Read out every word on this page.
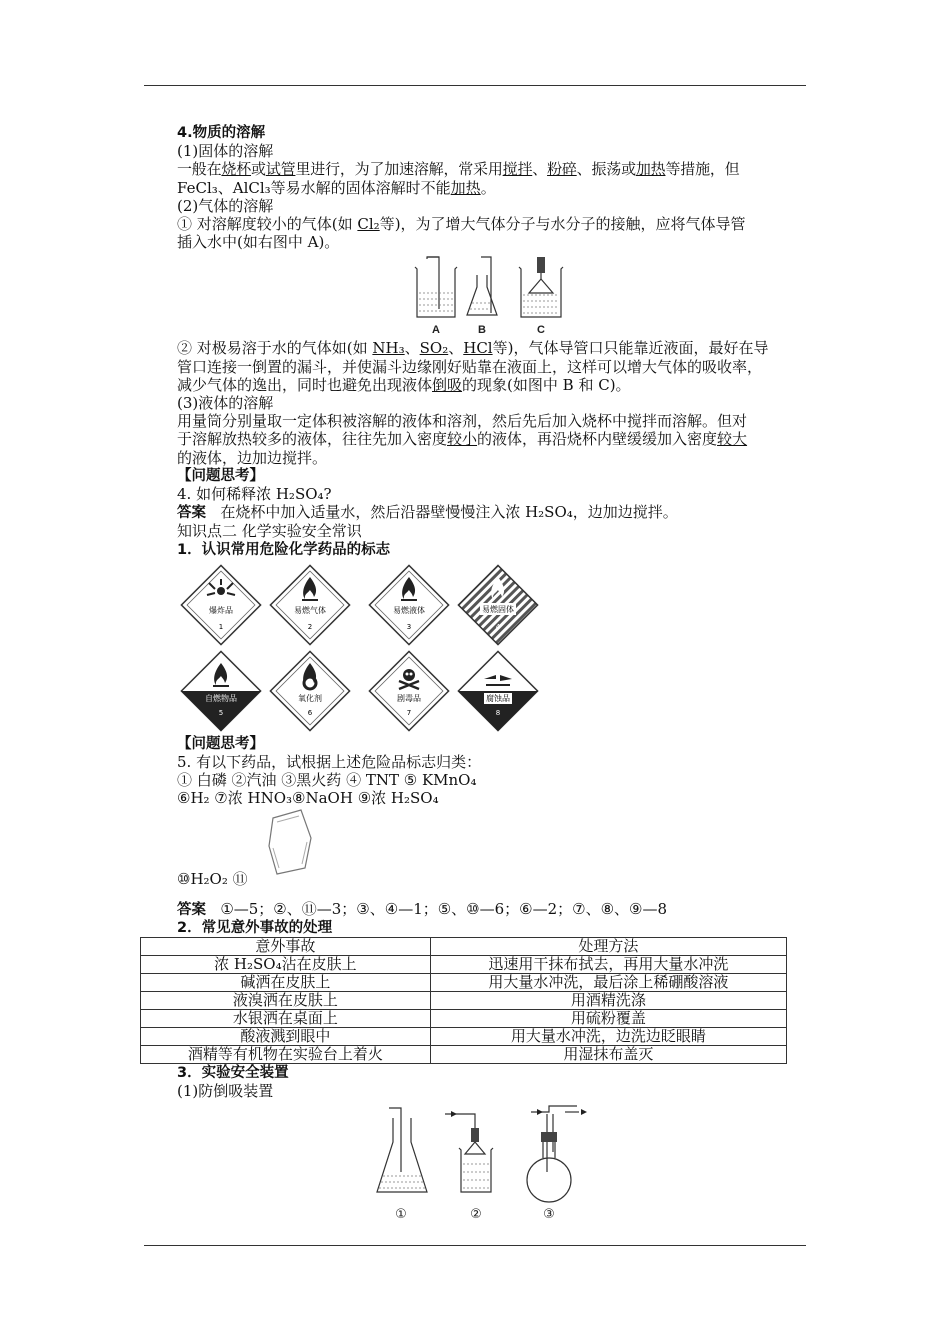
4.物质的溶解
(1)固体的溶解
一般在烧杯或试管里进行，为了加速溶解，常采用搅拌、粉碎、振荡或加热等措施，但
FeCl₃、AlCl₃等易水解的固体溶解时不能加热。
(2)气体的溶解
① 对溶解度较小的气体(如 Cl₂等)，为了增大气体分子与水分子的接触，应将气体导管
插入水中(如右图中 A)。
A	B	C
② 对极易溶于水的气体如(如 NH₃、SO₂、HCl等)，气体导管口只能靠近液面，最好在导
管口连接一倒置的漏斗，并使漏斗边缘刚好贴靠在液面上，这样可以增大气体的吸收率，
减少气体的逸出，同时也避免出现液体倒吸的现象(如图中 B 和 C)。
(3)液体的溶解
用量筒分别量取一定体积被溶解的液体和溶剂，然后先后加入烧杯中搅拌而溶解。但对
于溶解放热较多的液体，往往先加入密度较小的液体，再沿烧杯内壁缓缓加入密度较大
的液体，边加边搅拌。
【问题思考】
4. 如何稀释浓 H₂SO₄?
答案 在烧杯中加入适量水，然后沿器壁慢慢注入浓 H₂SO₄，边加边搅拌。
知识点二 化学实验安全常识
1．认识常用危险化学药品的标志
爆炸品
1
易燃气体
2
易燃液体
3
易燃固体
4
自燃物品
5
氧化剂
6
剧毒品
7
腐蚀品
8
【问题思考】
5. 有以下药品，试根据上述危险品标志归类：
① 白磷 ②汽油 ③黑火药 ④ TNT ⑤ KMnO₄
⑥H₂ ⑦浓 HNO₃⑧NaOH ⑨浓 H₂SO₄
⑩H₂O₂ ⑪
答案 ①—5；②、⑪—3；③、④—1；⑤、⑩—6；⑥—2；⑦、⑧、⑨—8
2．常见意外事故的处理
意外事故	处理方法
浓 H₂SO₄沾在皮肤上	迅速用干抹布拭去，再用大量水冲洗
碱洒在皮肤上	用大量水冲洗，最后涂上稀硼酸溶液
液溴洒在皮肤上	用酒精洗涤
水银洒在桌面上	用硫粉覆盖
酸液溅到眼中	用大量水冲洗，边洗边眨眼睛
酒精等有机物在实验台上着火	用湿抹布盖灭
3．实验安全装置
(1)防倒吸装置
①	②	③
